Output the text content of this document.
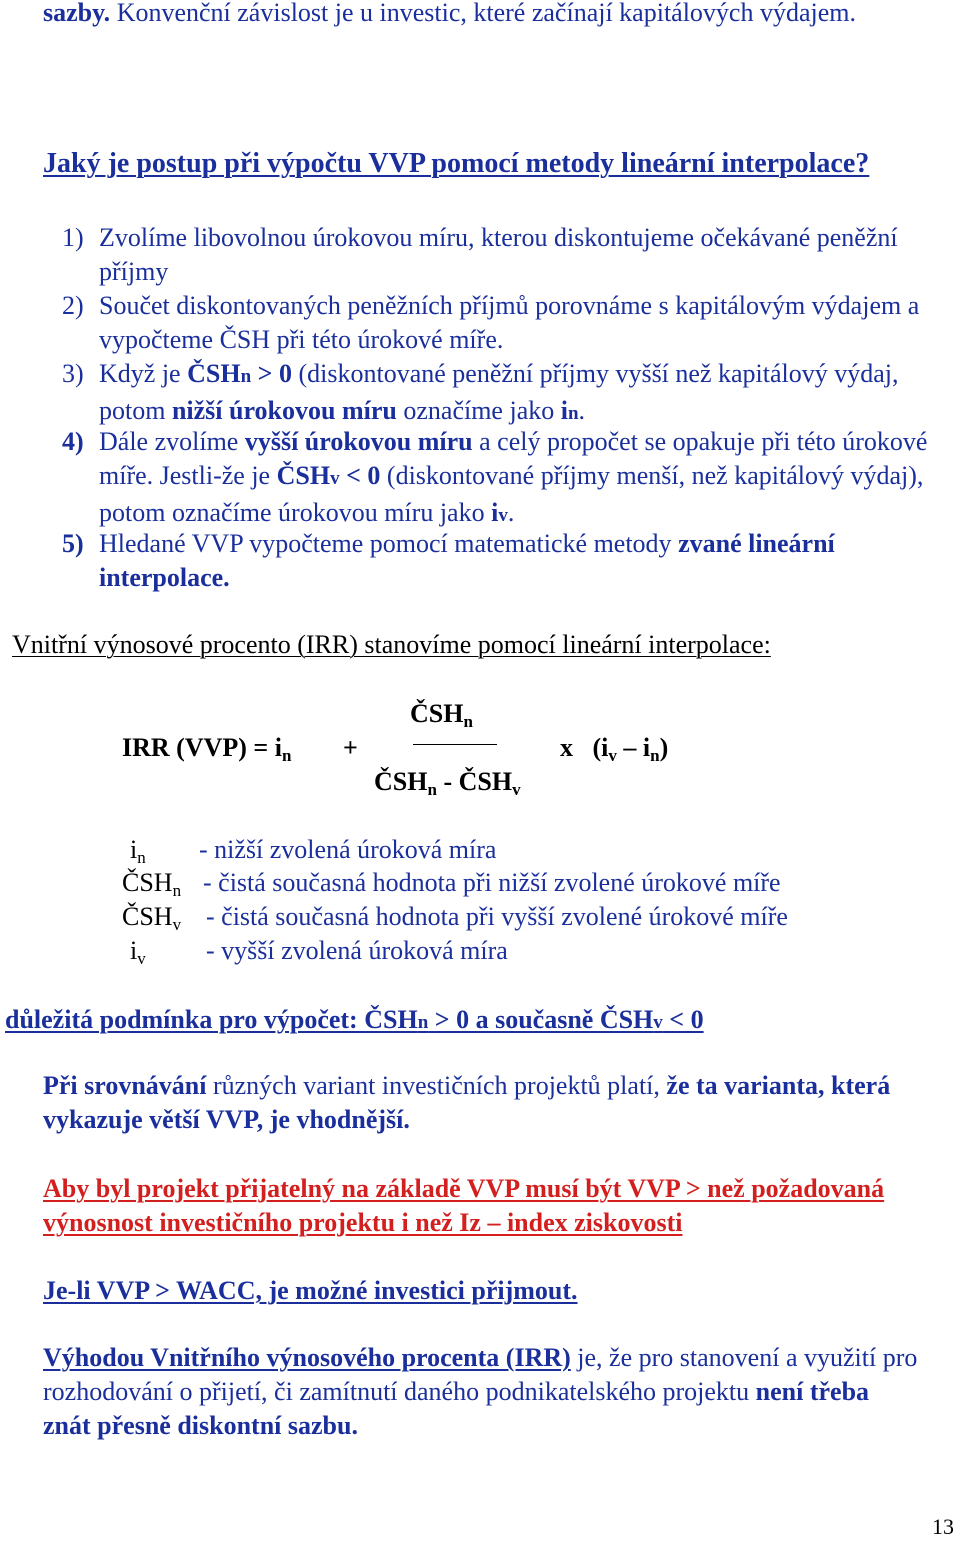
sazby. Konvenční závislost je u investic, které začínají kapitálových výdajem.
Jaký je postup při výpočtu VVP pomocí metody lineární interpolace?
1) Zvolíme libovolnou úrokovou míru, kterou diskontujeme očekávané peněžní příjmy
2) Součet diskontovaných peněžních příjmů porovnáme s kapitálovým výdajem a vypočteme ČSH při této úrokové míře.
3) Když je ČSHn > 0 (diskontované peněžní příjmy vyšší než kapitálový výdaj, potom nižší úrokovou míru označíme jako in.
4) Dále zvolíme vyšší úrokovou míru a celý propočet se opakuje při této úrokové míře. Jestli-že je ČSHv < 0 (diskontované příjmy menší, než kapitálový výdaj), potom označíme úrokovou míru jako iv.
5) Hledané VVP vypočteme pomocí matematické metody zvané lineární interpolace.
Vnitřní výnosové procento (IRR) stanovíme pomocí lineární interpolace:
ČSHn
IRR (VVP) = in +	x (iv – in)
ČSHn - ČSHv
in - nižší zvolená úroková míra
ČSHn - čistá současná hodnota při nižší zvolené úrokové míře
ČSHv - čistá současná hodnota při vyšší zvolené úrokové míře
iv - vyšší zvolená úroková míra
důležitá podmínka pro výpočet: ČSHn > 0 a současně ČSHv < 0
Při srovnávání různých variant investičních projektů platí, že ta varianta, která vykazuje větší VVP, je vhodnější.
Aby byl projekt přijatelný na základě VVP musí být VVP > než požadovaná výnosnost investičního projektu i než Iz – index ziskovosti
Je-li VVP > WACC, je možné investici přijmout.
Výhodou Vnitřního výnosového procenta (IRR) je, že pro stanovení a využití pro rozhodování o přijetí, či zamítnutí daného podnikatelského projektu není třeba znát přesně diskontní sazbu.
13
